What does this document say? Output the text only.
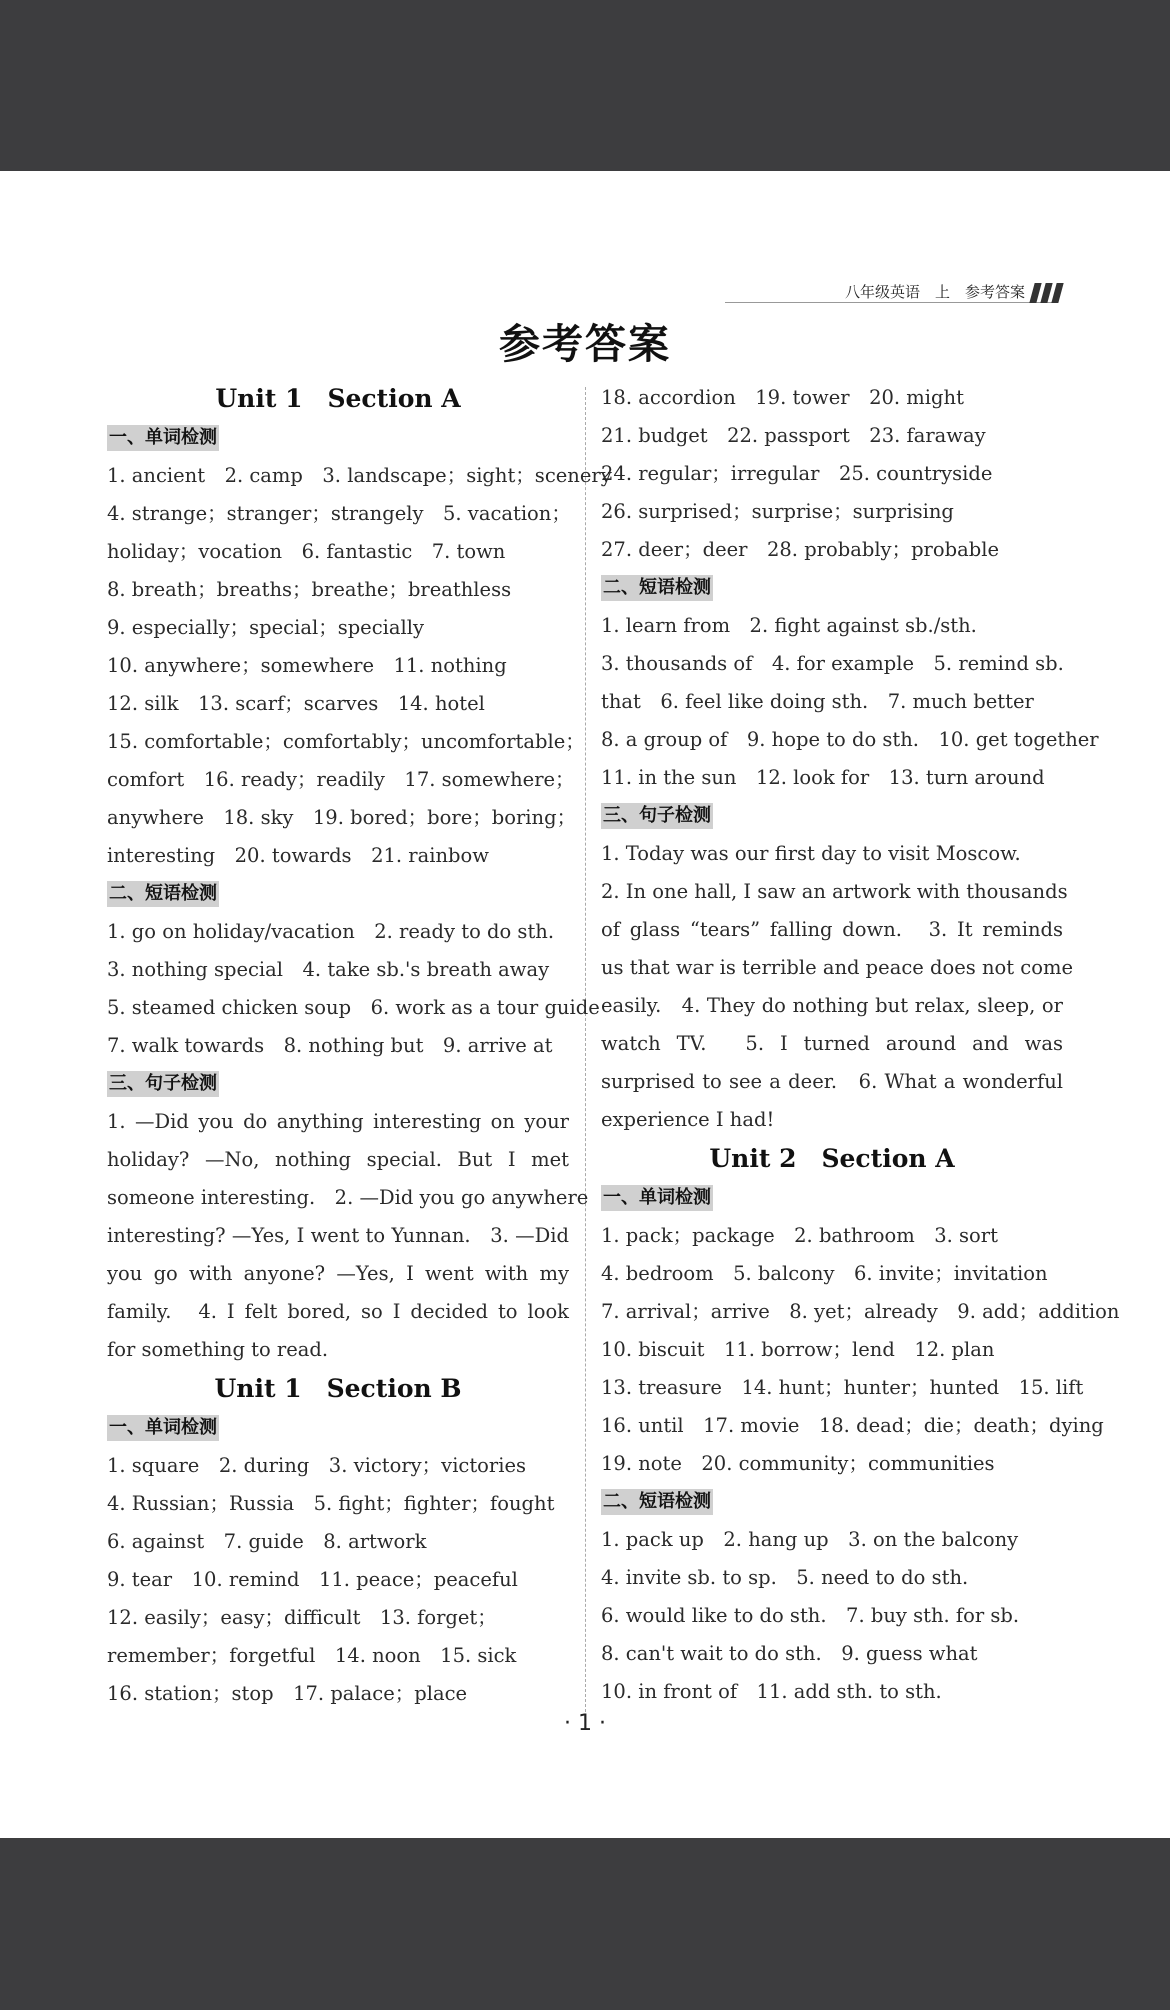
八年级英语　上　参考答案
参考答案
Unit 1　Section A
一、单词检测
1. ancient　2. camp　3. landscape；sight；scenery
4. strange；stranger；strangely　5. vacation；
holiday；vocation　6. fantastic　7. town
8. breath；breaths；breathe；breathless
9. especially；special；specially
10. anywhere；somewhere　11. nothing
12. silk　13. scarf；scarves　14. hotel
15. comfortable；comfortably；uncomfortable；
comfort　16. ready；readily　17. somewhere；
anywhere　18. sky　19. bored；bore；boring；
interesting　20. towards　21. rainbow
二、短语检测
1. go on holiday/vacation　2. ready to do sth.
3. nothing special　4. take sb.'s breath away
5. steamed chicken soup　6. work as a tour guide
7. walk towards　8. nothing but　9. arrive at
三、句子检测
1. —Did you do anything interesting on your
holiday? —No, nothing special. But I met
someone interesting.　2. —Did you go anywhere
interesting? —Yes, I went to Yunnan.　3. —Did
you go with anyone? —Yes, I went with my
family.　4. I felt bored, so I decided to look
for something to read.
Unit 1　Section B
一、单词检测
1. square　2. during　3. victory；victories
4. Russian；Russia　5. fight；fighter；fought
6. against　7. guide　8. artwork
9. tear　10. remind　11. peace；peaceful
12. easily；easy；difficult　13. forget；
remember；forgetful　14. noon　15. sick
16. station；stop　17. palace；place
18. accordion　19. tower　20. might
21. budget　22. passport　23. faraway
24. regular；irregular　25. countryside
26. surprised；surprise；surprising
27. deer；deer　28. probably；probable
二、短语检测
1. learn from　2. fight against sb./sth.
3. thousands of　4. for example　5. remind sb.
that　6. feel like doing sth.　7. much better
8. a group of　9. hope to do sth.　10. get together
11. in the sun　12. look for　13. turn around
三、句子检测
1. Today was our first day to visit Moscow.
2. In one hall, I saw an artwork with thousands
of glass “tears” falling down.　3. It reminds
us that war is terrible and peace does not come
easily.　4. They do nothing but relax, sleep, or
watch TV.　5. I turned around and was
surprised to see a deer.　6. What a wonderful
experience I had!
Unit 2　Section A
一、单词检测
1. pack；package　2. bathroom　3. sort
4. bedroom　5. balcony　6. invite；invitation
7. arrival；arrive　8. yet；already　9. add；addition
10. biscuit　11. borrow；lend　12. plan
13. treasure　14. hunt；hunter；hunted　15. lift
16. until　17. movie　18. dead；die；death；dying
19. note　20. community；communities
二、短语检测
1. pack up　2. hang up　3. on the balcony
4. invite sb. to sp.　5. need to do sth.
6. would like to do sth.　7. buy sth. for sb.
8. can't wait to do sth.　9. guess what
10. in front of　11. add sth. to sth.
· 1 ·
